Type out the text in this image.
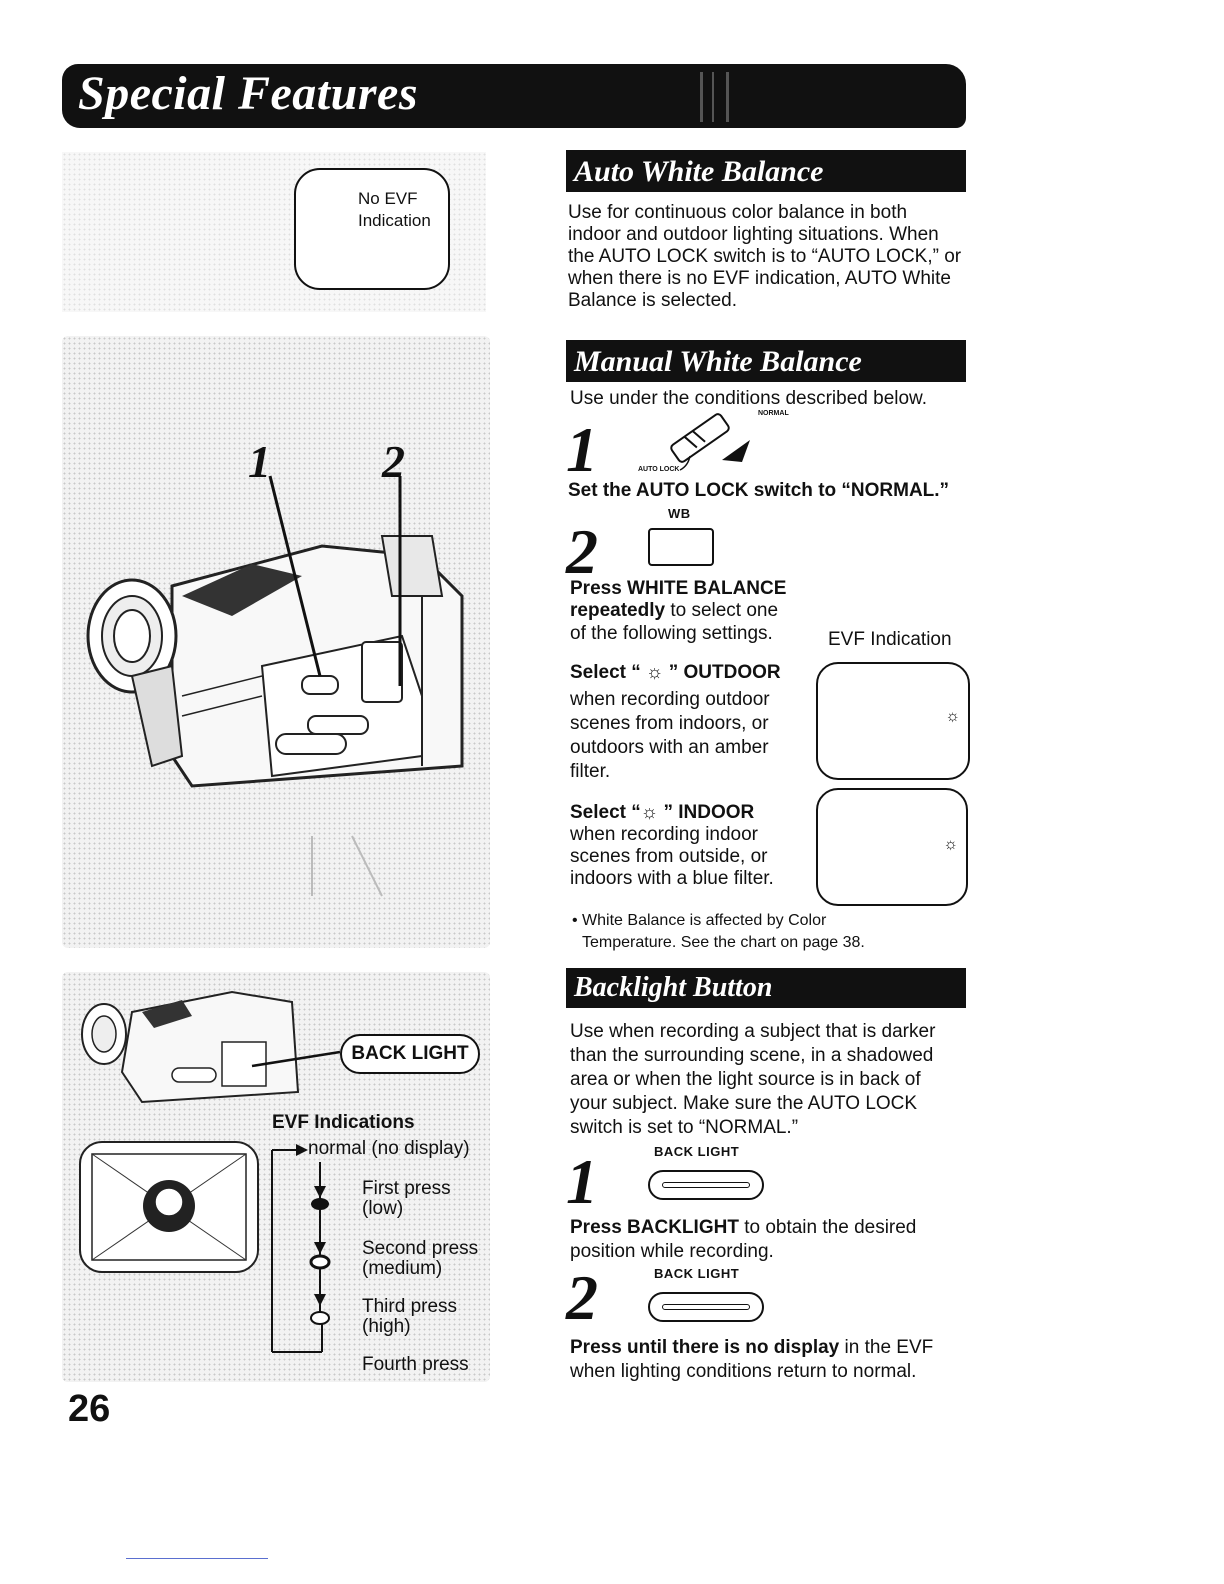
Special Features
No EVF
Indication
1 2
BACK LIGHT
EVF Indications
normal (no display)
First press
(low)
Second press
(medium)
Third press
(high)
Fourth press
26
Auto White Balance
Use for continuous color balance in both indoor and outdoor lighting situations. When the AUTO LOCK switch is to “AUTO LOCK,” or when there is no EVF indication, AUTO White Balance is selected.
Manual White Balance
Use under the conditions described below.
1
NORMAL
AUTO LOCK
Set the AUTO LOCK switch to “NORMAL.”
WB
2
Press WHITE BALANCE
repeatedly to select one
of the following settings.	EVF Indication
Select “ ☼ ” OUTDOOR
when recording outdoor scenes from indoors, or outdoors with an amber filter.
☼
Select “☼ ” INDOOR
when recording indoor scenes from outside, or indoors with a blue filter.
☼
• White Balance is affected by Color
Temperature. See the chart on page 38.
Backlight Button
Use when recording a subject that is darker than the surrounding scene, in a shadowed area or when the light source is in back of your subject. Make sure the AUTO LOCK switch is set to “NORMAL.”
BACK LIGHT
1
Press BACKLIGHT to obtain the desired position while recording.
BACK LIGHT
2
Press until there is no display in the EVF when lighting conditions return to normal.
